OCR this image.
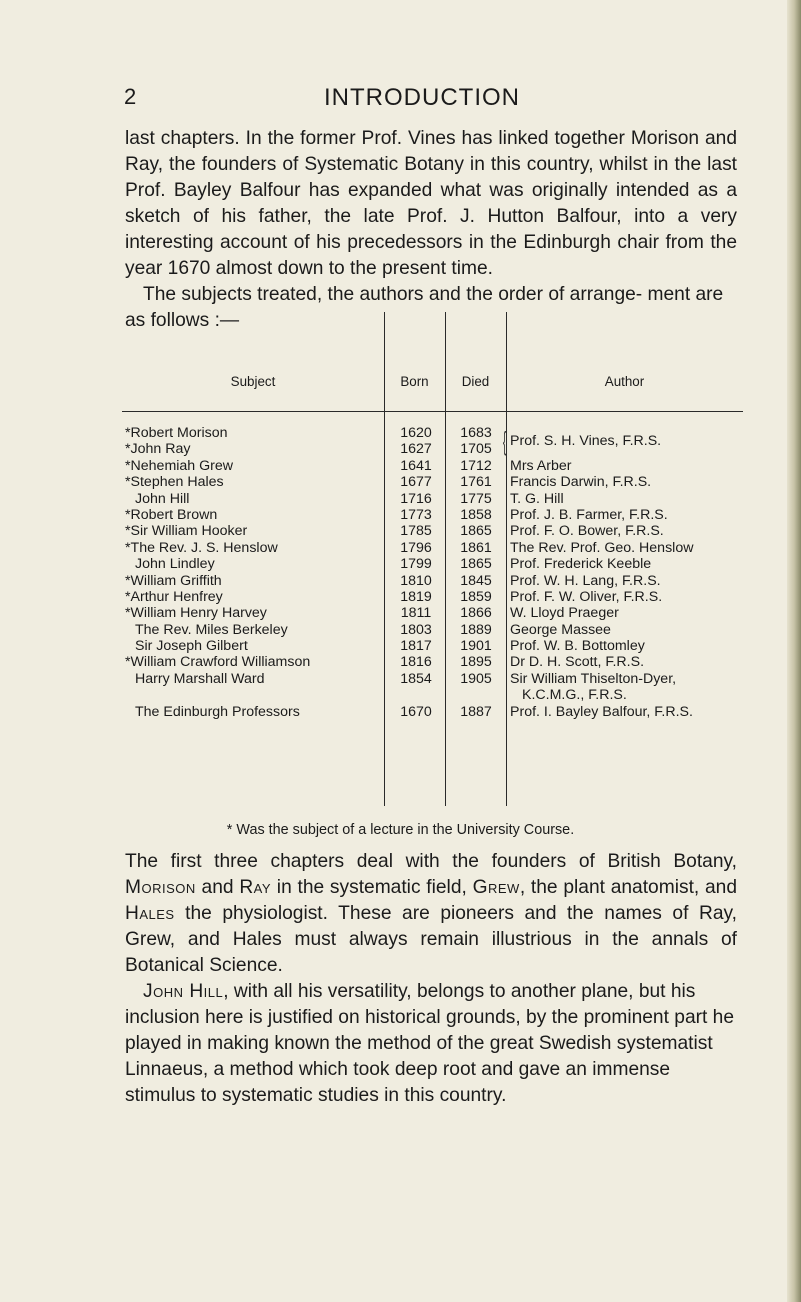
2	INTRODUCTION

last chapters. In the former Prof. Vines has linked together Morison and Ray, the founders of Systematic Botany in this country, whilst in the last Prof. Bayley Balfour has expanded what was originally intended as a sketch of his father, the late Prof. J. Hutton Balfour, into a very interesting account of his precedessors in the Edinburgh chair from the year 1670 almost down to the present time.

The subjects treated, the authors and the order of arrange- ment are as follows :—

Subject	Born	Died	Author
*Robert Morison	1620	1683
*John Ray	1627	1705 { Prof. S. H. Vines, F.R.S.
*Nehemiah Grew	1641	1712	Mrs Arber
*Stephen Hales	1677	1761	Francis Darwin, F.R.S.
John Hill	1716	1775	T. G. Hill
*Robert Brown	1773	1858	Prof. J. B. Farmer, F.R.S.
*Sir William Hooker	1785	1865	Prof. F. O. Bower, F.R.S.
*The Rev. J. S. Henslow	1796	1861	The Rev. Prof. Geo. Henslow
John Lindley	1799	1865	Prof. Frederick Keeble
*William Griffith	1810	1845	Prof. W. H. Lang, F.R.S.
*Arthur Henfrey	1819	1859	Prof. F. W. Oliver, F.R.S.
*William Henry Harvey	1811	1866	W. Lloyd Praeger
The Rev. Miles Berkeley	1803	1889	George Massee
Sir Joseph Gilbert	1817	1901	Prof. W. B. Bottomley
*William Crawford Williamson	1816	1895	Dr D. H. Scott, F.R.S.
Harry Marshall Ward	1854	1905	Sir William Thiselton-Dyer,
K.C.M.G., F.R.S.
The Edinburgh Professors	1670	1887	Prof. I. Bayley Balfour, F.R.S.
* Was the subject of a lecture in the University Course.

The first three chapters deal with the founders of British Botany, Morison and Ray in the systematic field, Grew, the plant anatomist, and Hales the physiologist. These are pioneers and the names of Ray, Grew, and Hales must always remain illustrious in the annals of Botanical Science.

John Hill, with all his versatility, belongs to another plane, but his inclusion here is justified on historical grounds, by the prominent part he played in making known the method of the great Swedish systematist Linnaeus, a method which took deep root and gave an immense stimulus to systematic studies in this country.
